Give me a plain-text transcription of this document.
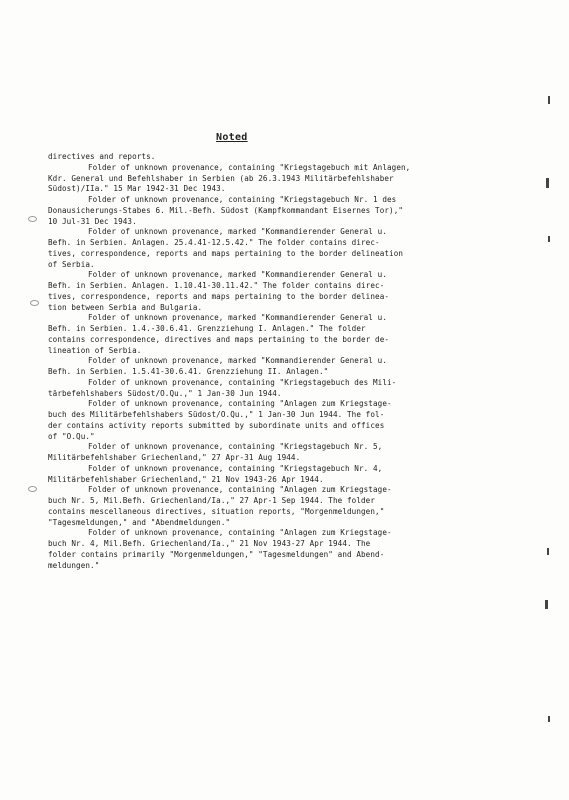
Noted
directives and reports.
Folder of unknown provenance, containing "Kriegstagebuch mit Anlagen,
Kdr. General und Befehlshaber in Serbien (ab 26.3.1943 Militärbefehlshaber
Südost)/IIa." 15 Mar 1942-31 Dec 1943.
Folder of unknown provenance, containing "Kriegstagebuch Nr. 1 des
Donausicherungs-Stabes 6. Mil.-Befh. Südost (Kampfkommandant Eisernes Tor),"
10 Jul-31 Dec 1943.
Folder of unknown provenance, marked "Kommandierender General u.
Befh. in Serbien. Anlagen. 25.4.41-12.5.42." The folder contains direc-
tives, correspondence, reports and maps pertaining to the border delineation
of Serbia.
Folder of unknown provenance, marked "Kommandierender General u.
Befh. in Serbien. Anlagen. 1.10.41-30.11.42." The folder contains direc-
tives, correspondence, reports and maps pertaining to the border delinea-
tion between Serbia and Bulgaria.
Folder of unknown provenance, marked "Kommandierender General u.
Befh. in Serbien. 1.4.-30.6.41. Grenzziehung I. Anlagen." The folder
contains correspondence, directives and maps pertaining to the border de-
lineation of Serbia.
Folder of unknown provenance, marked "Kommandierender General u.
Befh. in Serbien. 1.5.41-30.6.41. Grenzziehung II. Anlagen."
Folder of unknown provenance, containing "Kriegstagebuch des Mili-
tärbefehlshabers Südost/O.Qu.," 1 Jan-30 Jun 1944.
Folder of unknown provenance, containing "Anlagen zum Kriegstage-
buch des Militärbefehlshabers Südost/O.Qu.," 1 Jan-30 Jun 1944. The fol-
der contains activity reports submitted by subordinate units and offices
of "O.Qu."
Folder of unknown provenance, containing "Kriegstagebuch Nr. 5,
Militärbefehlshaber Griechenland," 27 Apr-31 Aug 1944.
Folder of unknown provenance, containing "Kriegstagebuch Nr. 4,
Militärbefehlshaber Griechenland," 21 Nov 1943-26 Apr 1944.
Folder of unknown provenance, containing "Anlagen zum Kriegstage-
buch Nr. 5, Mil.Befh. Griechenland/Ia.," 27 Apr-1 Sep 1944. The folder
contains mescellaneous directives, situation reports, "Morgenmeldungen,"
"Tagesmeldungen," and "Abendmeldungen."
Folder of unknown provenance, containing "Anlagen zum Kriegstage-
buch Nr. 4, Mil.Befh. Griechenland/Ia.," 21 Nov 1943-27 Apr 1944. The
folder contains primarily "Morgenmeldungen," "Tagesmeldungen" and Abend-
meldungen."
